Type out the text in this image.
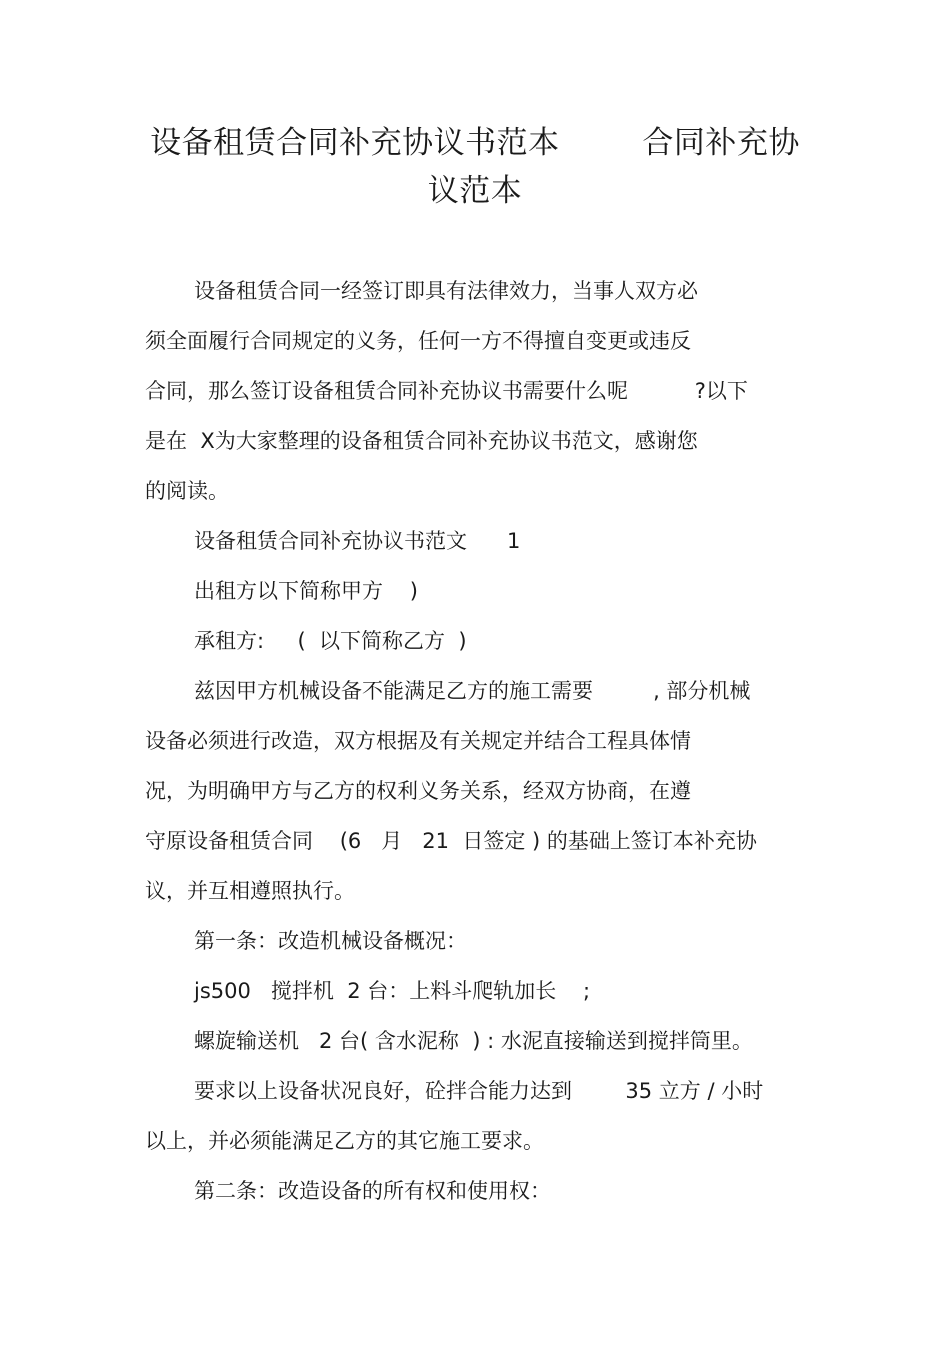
设备租赁合同补充协议书范本        合同补充协
议范本
设备租赁合同一经签订即具有法律效力，当事人双方必
须全面履行合同规定的义务，任何一方不得擅自变更或违反
合同，那么签订设备租赁合同补充协议书需要什么呢          ?以下
是在  X为大家整理的设备租赁合同补充协议书范文，感谢您
的阅读。
设备租赁合同补充协议书范文      1
出租方以下简称甲方    )
承租方:     (  以下简称乙方  )
兹因甲方机械设备不能满足乙方的施工需要         , 部分机械
设备必须进行改造，双方根据及有关规定并结合工程具体情
况，为明确甲方与乙方的权利义务关系，经双方协商，在遵
守原设备租赁合同    (6   月   21  日签定 ) 的基础上签订本补充协
议，并互相遵照执行。
第一条：改造机械设备概况：
js500   搅拌机  2 台：上料斗爬轨加长    ;
螺旋输送机   2 台( 含水泥称  ) : 水泥直接输送到搅拌筒里。
要求以上设备状况良好，砼拌合能力达到        35 立方 / 小时
以上，并必须能满足乙方的其它施工要求。
第二条：改造设备的所有权和使用权：
